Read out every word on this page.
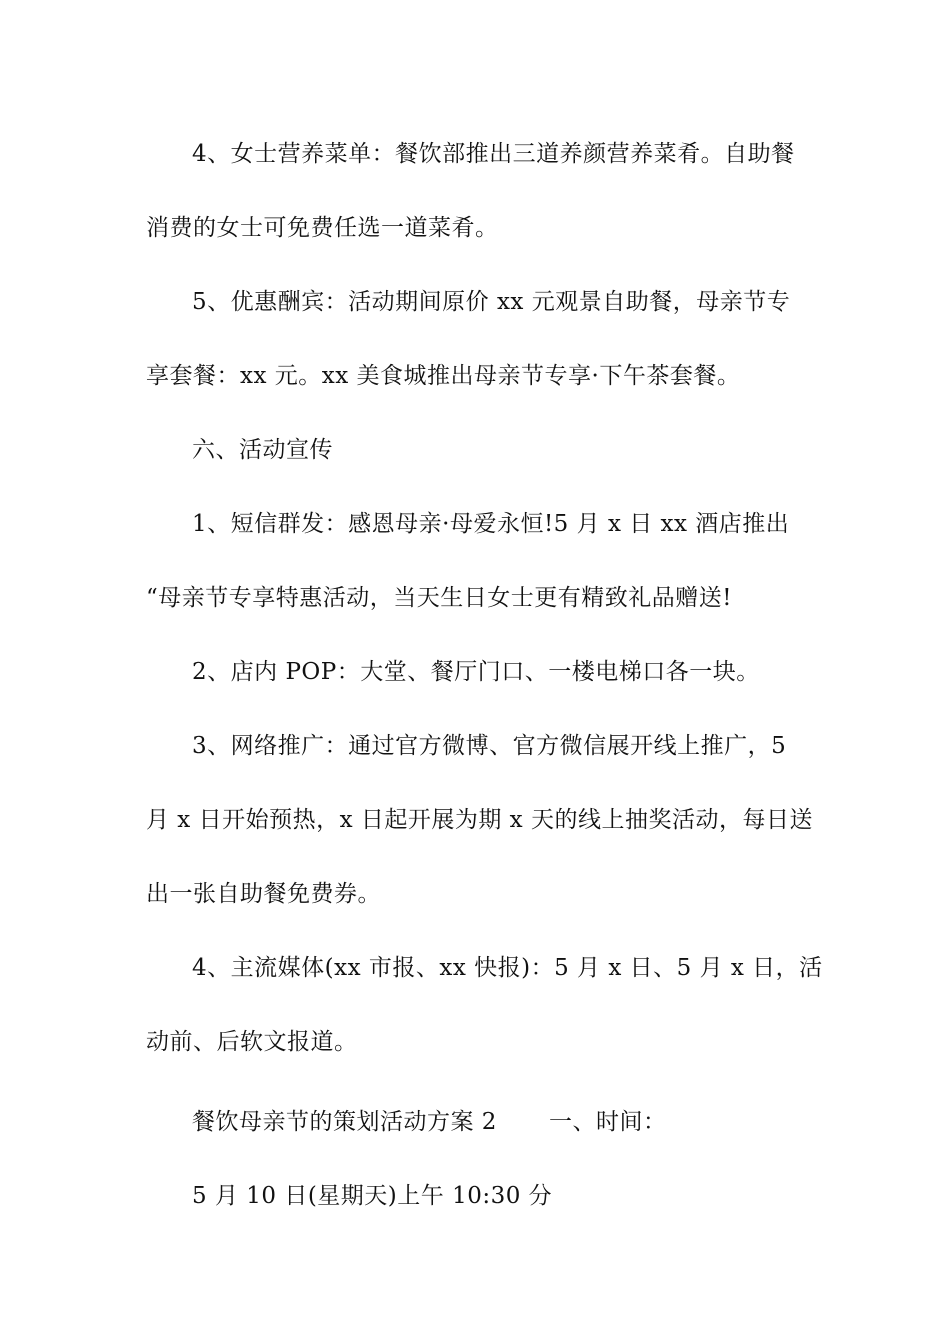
4、女士营养菜单：餐饮部推出三道养颜营养菜肴。自助餐
消费的女士可免费任选一道菜肴。
5、优惠酬宾：活动期间原价 xx 元观景自助餐，母亲节专
享套餐：xx 元。xx 美食城推出母亲节专享·下午茶套餐。
六、活动宣传
1、短信群发：感恩母亲·母爱永恒!5 月 x 日 xx 酒店推出
“母亲节专享特惠活动，当天生日女士更有精致礼品赠送!
2、店内 POP：大堂、餐厅门口、一楼电梯口各一块。
3、网络推广：通过官方微博、官方微信展开线上推广，5
月 x 日开始预热，x 日起开展为期 x 天的线上抽奖活动，每日送
出一张自助餐免费券。
4、主流媒体(xx 市报、xx 快报)：5 月 x 日、5 月 x 日，活
动前、后软文报道。
餐饮母亲节的策划活动方案 2 一、时间：
5 月 10 日(星期天)上午 10:30 分
